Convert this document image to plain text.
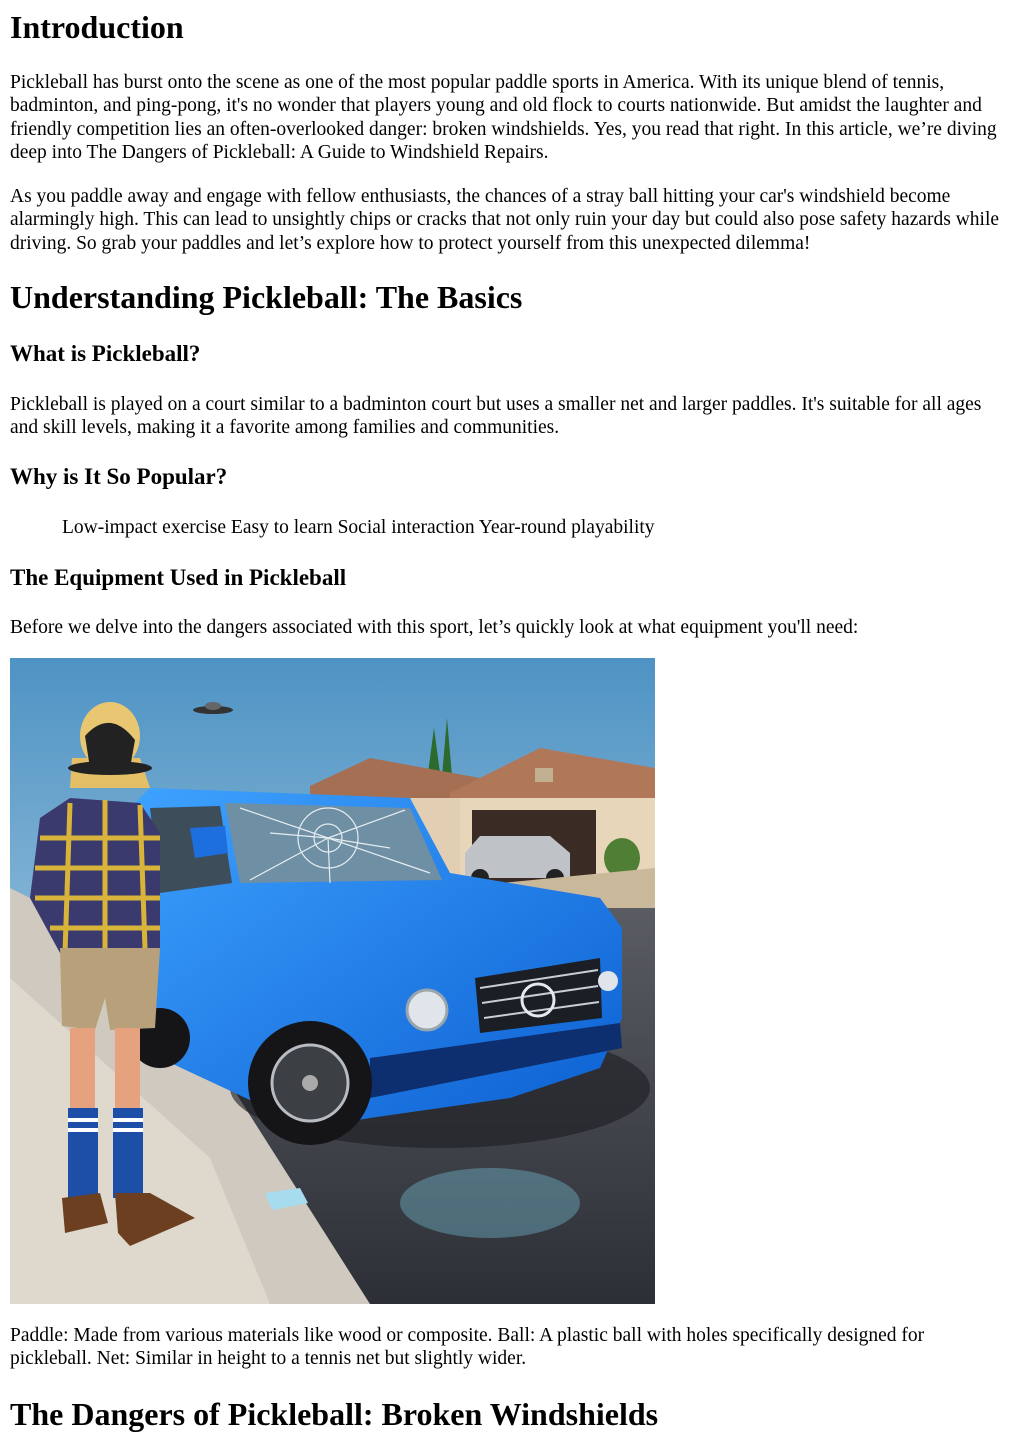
Introduction

Pickleball has burst onto the scene as one of the most popular paddle sports in America. With its unique blend of tennis, badminton, and ping-pong, it's no wonder that players young and old flock to courts nationwide. But amidst the laughter and friendly competition lies an often-overlooked danger: broken windshields. Yes, you read that right. In this article, we’re diving deep into The Dangers of Pickleball: A Guide to Windshield Repairs.

As you paddle away and engage with fellow enthusiasts, the chances of a stray ball hitting your car's windshield become alarmingly high. This can lead to unsightly chips or cracks that not only ruin your day but could also pose safety hazards while driving. So grab your paddles and let’s explore how to protect yourself from this unexpected dilemma!

Understanding Pickleball: The Basics
What is Pickleball?

Pickleball is played on a court similar to a badminton court but uses a smaller net and larger paddles. It's suitable for all ages and skill levels, making it a favorite among families and communities.

Why is It So Popular?
Low-impact exercise Easy to learn Social interaction Year-round playability
The Equipment Used in Pickleball

Before we delve into the dangers associated with this sport, let’s quickly look at what equipment you'll need:

Paddle: Made from various materials like wood or composite. Ball: A plastic ball with holes specifically designed for pickleball. Net: Similar in height to a tennis net but slightly wider.

The Dangers of Pickleball: Broken Windshields
